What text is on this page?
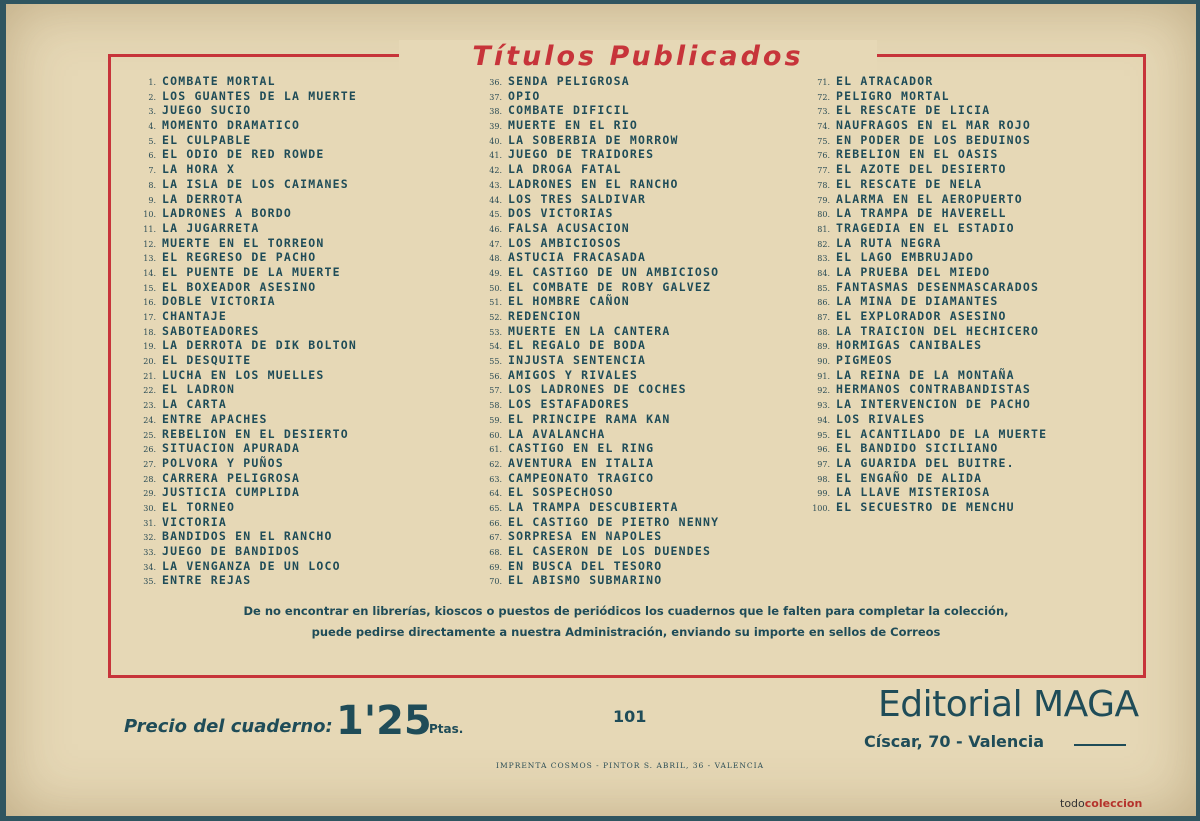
Títulos Publicados
1. COMBATE MORTAL
2. LOS GUANTES DE LA MUERTE
3. JUEGO SUCIO
4. MOMENTO DRAMATICO
5. EL CULPABLE
6. EL ODIO DE RED ROWDE
7. LA HORA X
8. LA ISLA DE LOS CAIMANES
9. LA DERROTA
10. LADRONES A BORDO
11. LA JUGARRETA
12. MUERTE EN EL TORREON
13. EL REGRESO DE PACHO
14. EL PUENTE DE LA MUERTE
15. EL BOXEADOR ASESINO
16. DOBLE VICTORIA
17. CHANTAJE
18. SABOTEADORES
19. LA DERROTA DE DIK BOLTON
20. EL DESQUITE
21. LUCHA EN LOS MUELLES
22. EL LADRON
23. LA CARTA
24. ENTRE APACHES
25. REBELION EN EL DESIERTO
26. SITUACION APURADA
27. POLVORA Y PUÑOS
28. CARRERA PELIGROSA
29. JUSTICIA CUMPLIDA
30. EL TORNEO
31. VICTORIA
32. BANDIDOS EN EL RANCHO
33. JUEGO DE BANDIDOS
34. LA VENGANZA DE UN LOCO
35. ENTRE REJAS
36. SENDA PELIGROSA
37. OPIO
38. COMBATE DIFICIL
39. MUERTE EN EL RIO
40. LA SOBERBIA DE MORROW
41. JUEGO DE TRAIDORES
42. LA DROGA FATAL
43. LADRONES EN EL RANCHO
44. LOS TRES SALDIVAR
45. DOS VICTORIAS
46. FALSA ACUSACION
47. LOS AMBICIOSOS
48. ASTUCIA FRACASADA
49. EL CASTIGO DE UN AMBICIOSO
50. EL COMBATE DE ROBY GALVEZ
51. EL HOMBRE CAÑON
52. REDENCION
53. MUERTE EN LA CANTERA
54. EL REGALO DE BODA
55. INJUSTA SENTENCIA
56. AMIGOS Y RIVALES
57. LOS LADRONES DE COCHES
58. LOS ESTAFADORES
59. EL PRINCIPE RAMA KAN
60. LA AVALANCHA
61. CASTIGO EN EL RING
62. AVENTURA EN ITALIA
63. CAMPEONATO TRAGICO
64. EL SOSPECHOSO
65. LA TRAMPA DESCUBIERTA
66. EL CASTIGO DE PIETRO NENNY
67. SORPRESA EN NAPOLES
68. EL CASERON DE LOS DUENDES
69. EN BUSCA DEL TESORO
70. EL ABISMO SUBMARINO
71. EL ATRACADOR
72. PELIGRO MORTAL
73. EL RESCATE DE LICIA
74. NAUFRAGOS EN EL MAR ROJO
75. EN PODER DE LOS BEDUINOS
76. REBELION EN EL OASIS
77. EL AZOTE DEL DESIERTO
78. EL RESCATE DE NELA
79. ALARMA EN EL AEROPUERTO
80. LA TRAMPA DE HAVERELL
81. TRAGEDIA EN EL ESTADIO
82. LA RUTA NEGRA
83. EL LAGO EMBRUJADO
84. LA PRUEBA DEL MIEDO
85. FANTASMAS DESENMASCARADOS
86. LA MINA DE DIAMANTES
87. EL EXPLORADOR ASESINO
88. LA TRAICION DEL HECHICERO
89. HORMIGAS CANIBALES
90. PIGMEOS
91. LA REINA DE LA MONTAÑA
92. HERMANOS CONTRABANDISTAS
93. LA INTERVENCION DE PACHO
94. LOS RIVALES
95. EL ACANTILADO DE LA MUERTE
96. EL BANDIDO SICILIANO
97. LA GUARIDA DEL BUITRE.
98. EL ENGAÑO DE ALIDA
99. LA LLAVE MISTERIOSA
100. EL SECUESTRO DE MENCHU
De no encontrar en librerías, kioscos o puestos de periódicos los cuadernos que le falten para completar la colección,
puede pedirse directamente a nuestra Administración, enviando su importe en sellos de Correos
Precio del cuaderno: 1'25
Ptas.
101	Editorial MAGA
Císcar, 70 - Valencia
IMPRENTA COSMOS - PINTOR S. ABRIL, 36 - VALENCIA
todocoleccion
